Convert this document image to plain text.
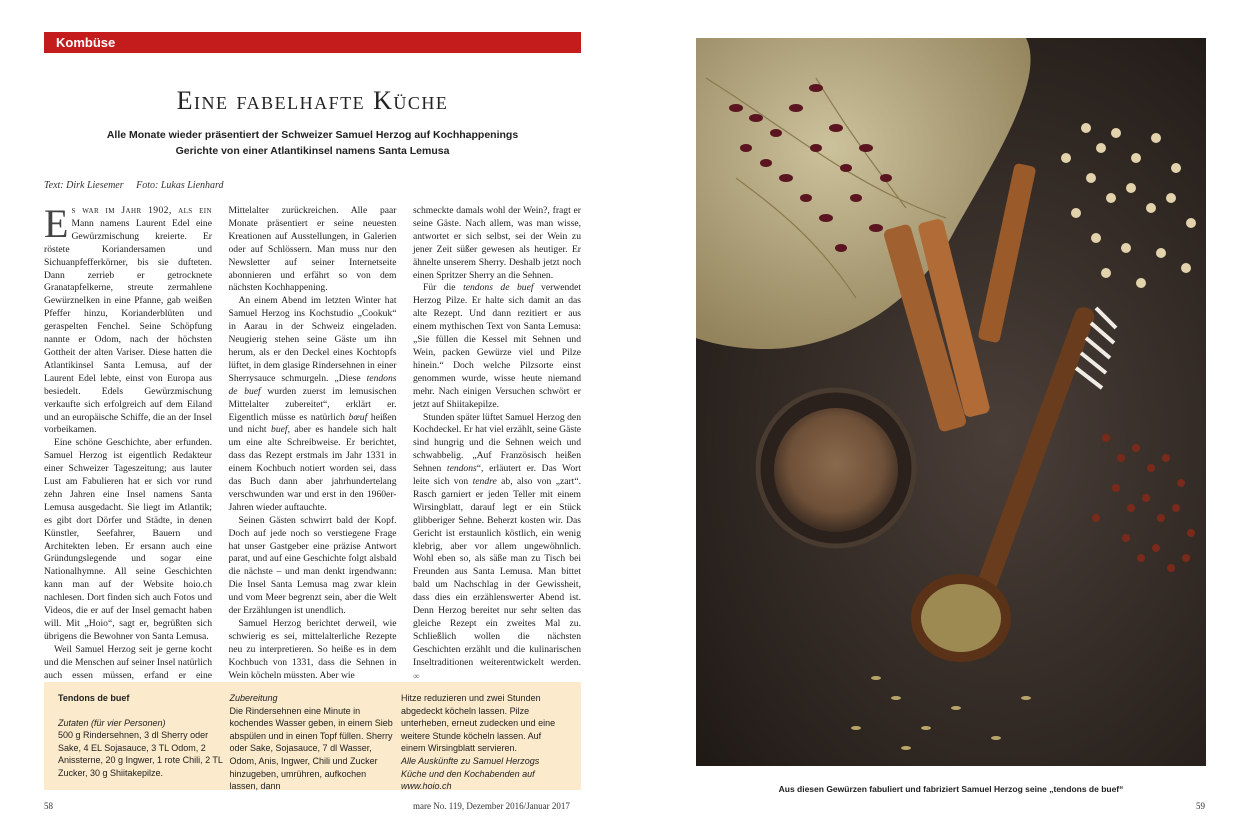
Kombüse
Eine fabelhafte Küche
Alle Monate wieder präsentiert der Schweizer Samuel Herzog auf Kochhappenings
Gerichte von einer Atlantikinsel namens Santa Lemusa
Text: Dirk Liesemer Foto: Lukas Lienhard

Es war im Jahr 1902, als ein Mann namens Laurent Edel eine Gewürzmischung kreierte. Er röstete Koriandersamen und Sichuanpfefferkörner, bis sie dufteten. Dann zerrieb er getrocknete Granatapfelkerne, streute zermahlene Gewürznelken in eine Pfanne, gab weißen Pfeffer hinzu, Korianderblüten und geraspelten Fenchel. Seine Schöpfung nannte er Odom, nach der höchsten Gottheit der alten Variser. Diese hatten die Atlantikinsel Santa Lemusa, auf der Laurent Edel lebte, einst von Europa aus besiedelt. Edels Gewürzmischung verkaufte sich erfolgreich auf dem Eiland und an europäische Schiffe, die an der Insel vorbeikamen.

Eine schöne Geschichte, aber erfunden. Samuel Herzog ist eigentlich Redakteur einer Schweizer Tageszeitung; aus lauter Lust am Fabulieren hat er sich vor rund zehn Jahren eine Insel namens Santa Lemusa ausgedacht. Sie liegt im Atlantik; es gibt dort Dörfer und Städte, in denen Künstler, Seefahrer, Bauern und Architekten leben. Er ersann auch eine Gründungslegende und sogar eine Nationalhymne. All seine Geschichten kann man auf der Website hoio.ch nachlesen. Dort finden sich auch Fotos und Videos, die er auf der Insel gemacht haben will. Mit „Hoio“, sagt er, begrüßten sich übrigens die Bewohner von Santa Lemusa.

Weil Samuel Herzog seit je gerne kocht und die Menschen auf seiner Insel natürlich auch essen müssen, erfand er eine

Mittelalter zurückreichen. Alle paar Monate präsentiert er seine neuesten Kreationen auf Ausstellungen, in Galerien oder auf Schlössern. Man muss nur den Newsletter auf seiner Internetseite abonnieren und erfährt so von dem nächsten Kochhappening.

An einem Abend im letzten Winter hat Samuel Herzog ins Kochstudio „Cookuk“ in Aarau in der Schweiz eingeladen. Neugierig stehen seine Gäste um ihn herum, als er den Deckel eines Kochtopfs lüftet, in dem glasige Rindersehnen in einer Sherrysauce schmurgeln. „Diese tendons de buef wurden zuerst im lemusischen Mittelalter zubereitet“, erklärt er. Eigentlich müsse es natürlich bœuf heißen und nicht buef, aber es handele sich halt um eine alte Schreibweise. Er berichtet, dass das Rezept erstmals im Jahr 1331 in einem Kochbuch notiert worden sei, dass das Buch dann aber jahrhundertelang verschwunden war und erst in den 1960er-Jahren wieder auftauchte.

Seinen Gästen schwirrt bald der Kopf. Doch auf jede noch so verstiegene Frage hat unser Gastgeber eine präzise Antwort parat, und auf eine Geschichte folgt alsbald die nächste – und man denkt irgendwann: Die Insel Santa Lemusa mag zwar klein und vom Meer begrenzt sein, aber die Welt der Erzählungen ist unendlich.

Samuel Herzog berichtet derweil, wie schwierig es sei, mittelalterliche Rezepte neu zu interpretieren. So heiße es in dem Kochbuch von 1331, dass die Sehnen in Wein köcheln müssten. Aber wie

schmeckte damals wohl der Wein?, fragt er seine Gäste. Nach allem, was man wisse, antwortet er sich selbst, sei der Wein zu jener Zeit süßer gewesen als heutiger. Er ähnelte unserem Sherry. Deshalb jetzt noch einen Spritzer Sherry an die Sehnen.

Für die tendons de buef verwendet Herzog Pilze. Er halte sich damit an das alte Rezept. Und dann rezitiert er aus einem mythischen Text von Santa Lemusa: „Sie füllen die Kessel mit Sehnen und Wein, packen Gewürze viel und Pilze hinein.“ Doch welche Pilzsorte einst genommen wurde, wisse heute niemand mehr. Nach einigen Versuchen schwört er jetzt auf Shiitakepilze.

Stunden später lüftet Samuel Herzog den Kochdeckel. Er hat viel erzählt, seine Gäste sind hungrig und die Sehnen weich und schwabbelig. „Auf Französisch heißen Sehnen tendons“, erläutert er. Das Wort leite sich von tendre ab, also von „zart“. Rasch garniert er jeden Teller mit einem Wirsingblatt, darauf legt er ein Stück glibberiger Sehne. Beherzt kosten wir. Das Gericht ist erstaunlich köstlich, ein wenig klebrig, aber vor allem ungewöhnlich. Wohl eben so, als säße man zu Tisch bei Freunden aus Santa Lemusa. Man bittet bald um Nachschlag in der Gewissheit, dass dies ein erzählenswerter Abend ist. Denn Herzog bereitet nur sehr selten das gleiche Rezept ein zweites Mal zu. Schließlich wollen die nächsten Geschichten erzählt und die kulinarischen Inseltraditionen weiterentwickelt werden. ∞

Tendons de buef
Zutaten (für vier Personen)
500 g Rindersehnen, 3 dl Sherry oder Sake, 4 EL Sojasauce, 3 TL Odom, 2 Anissterne, 20 g Ingwer, 1 rote Chili, 2 TL Zucker, 30 g Shiitakepilze.
Zubereitung
Die Rindersehnen eine Minute in kochendes Wasser geben, in einem Sieb abspülen und in einen Topf füllen. Sherry oder Sake, Sojasauce, 7 dl Wasser, Odom, Anis, Ingwer, Chili und Zucker hinzugeben, umrühren, aufkochen lassen, dann
Hitze reduzieren und zwei Stunden abgedeckt köcheln lassen. Pilze unterheben, erneut zudecken und eine weitere Stunde köcheln lassen. Auf einem Wirsingblatt servieren.
Alle Auskünfte zu Samuel Herzogs Küche und den Kochabenden auf www.hoio.ch
58	mare No. 119, Dezember 2016/Januar 2017
Aus diesen Gewürzen fabuliert und fabriziert Samuel Herzog seine „tendons de buef“
59
